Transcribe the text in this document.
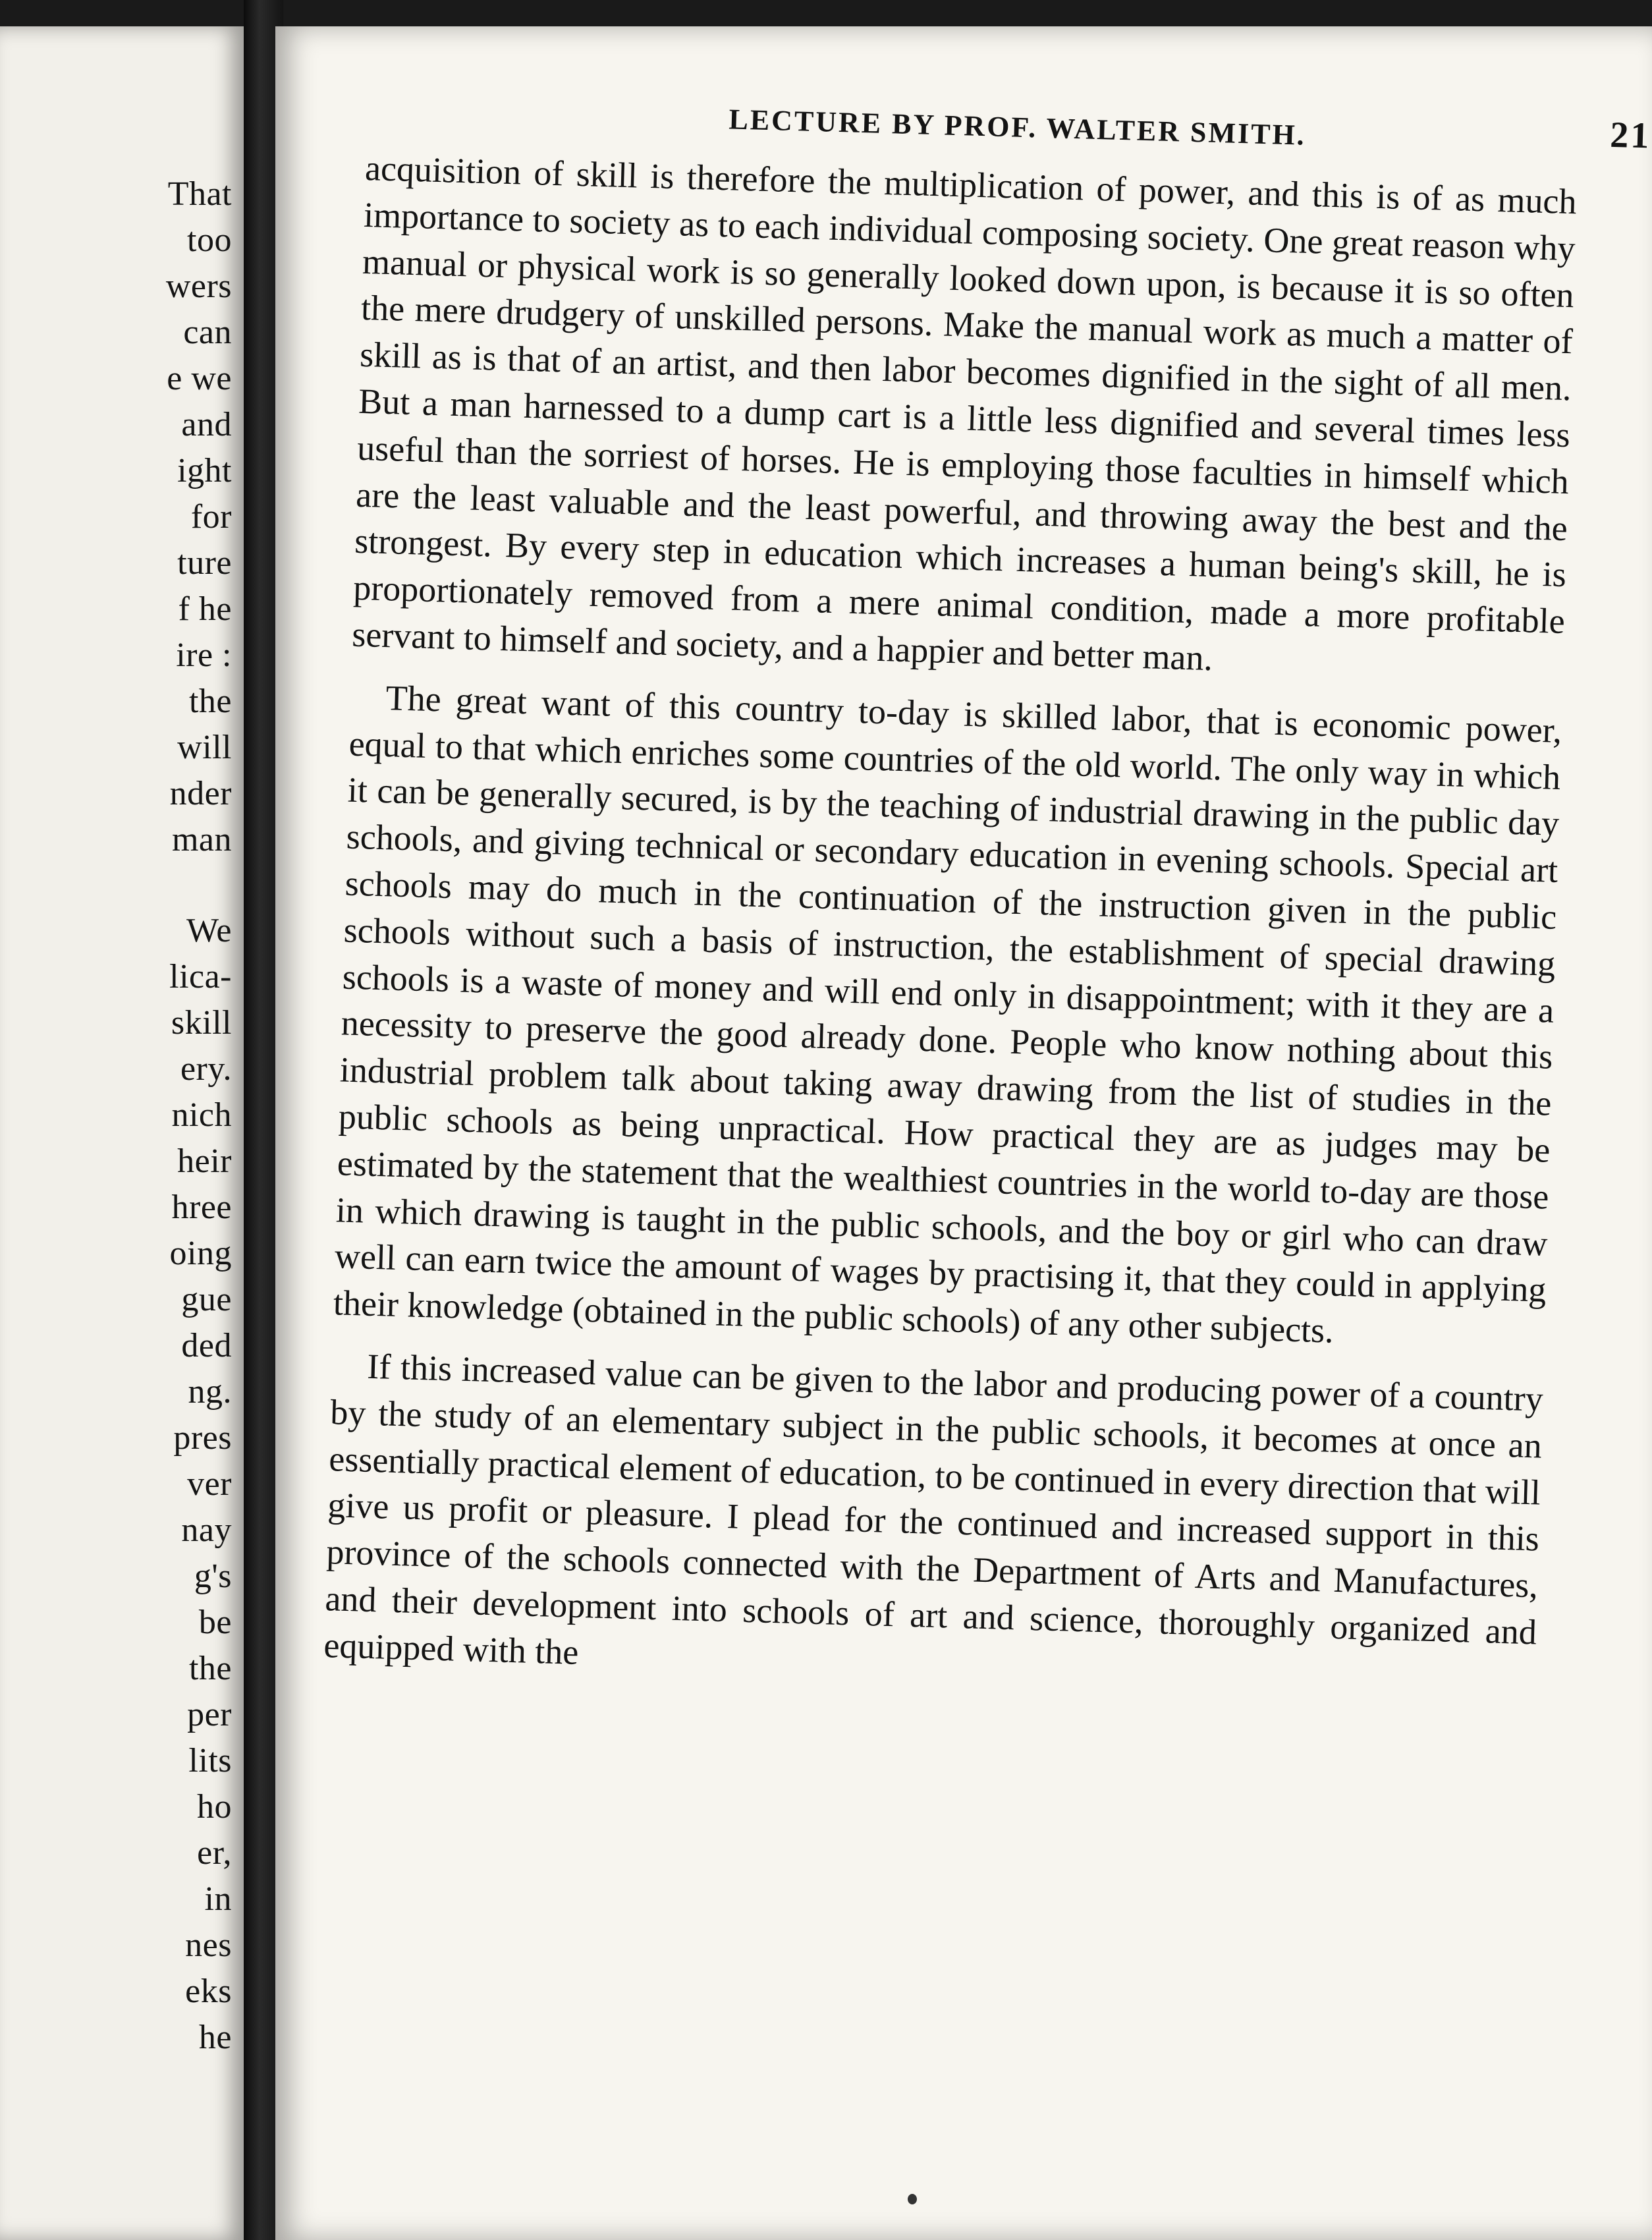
That
too
wers
can
e we
and
ight
for
ture
f he
ire :
the
will
nder
man
We
lica-
skill
ery.
nich
heir
hree
oing
gue
ded
ng.
pres
ver
nay
g's
be
the
per
lits
ho
er,
in
nes
eks
he
LECTURE BY PROF. WALTER SMITH.	21

acquisition of skill is therefore the multiplication of power, and this is of as much importance to society as to each individual composing society. One great reason why manual or physical work is so generally looked down upon, is because it is so often the mere drudgery of unskilled persons. Make the manual work as much a matter of skill as is that of an artist, and then labor becomes dignified in the sight of all men. But a man harnessed to a dump cart is a little less dignified and several times less useful than the sorriest of horses. He is employing those faculties in himself which are the least valuable and the least powerful, and throwing away the best and the strongest. By every step in education which increases a human being's skill, he is proportionately removed from a mere animal condition, made a more profitable servant to himself and society, and a happier and better man.

The great want of this country to-day is skilled labor, that is economic power, equal to that which enriches some countries of the old world. The only way in which it can be generally secured, is by the teaching of industrial drawing in the public day schools, and giving technical or secondary education in evening schools. Special art schools may do much in the continuation of the instruction given in the public schools without such a basis of instruction, the establishment of special drawing schools is a waste of money and will end only in disappointment; with it they are a necessity to preserve the good already done. People who know nothing about this industrial problem talk about taking away drawing from the list of studies in the public schools as being unpractical. How practical they are as judges may be estimated by the statement that the wealthiest countries in the world to-day are those in which drawing is taught in the public schools, and the boy or girl who can draw well can earn twice the amount of wages by practising it, that they could in applying their knowledge (obtained in the public schools) of any other subjects.

If this increased value can be given to the labor and producing power of a country by the study of an elementary subject in the public schools, it becomes at once an essentially practical element of education, to be continued in every direction that will give us profit or pleasure. I plead for the continued and increased support in this province of the schools connected with the Department of Arts and Manufactures, and their development into schools of art and science, thoroughly organized and equipped with the
